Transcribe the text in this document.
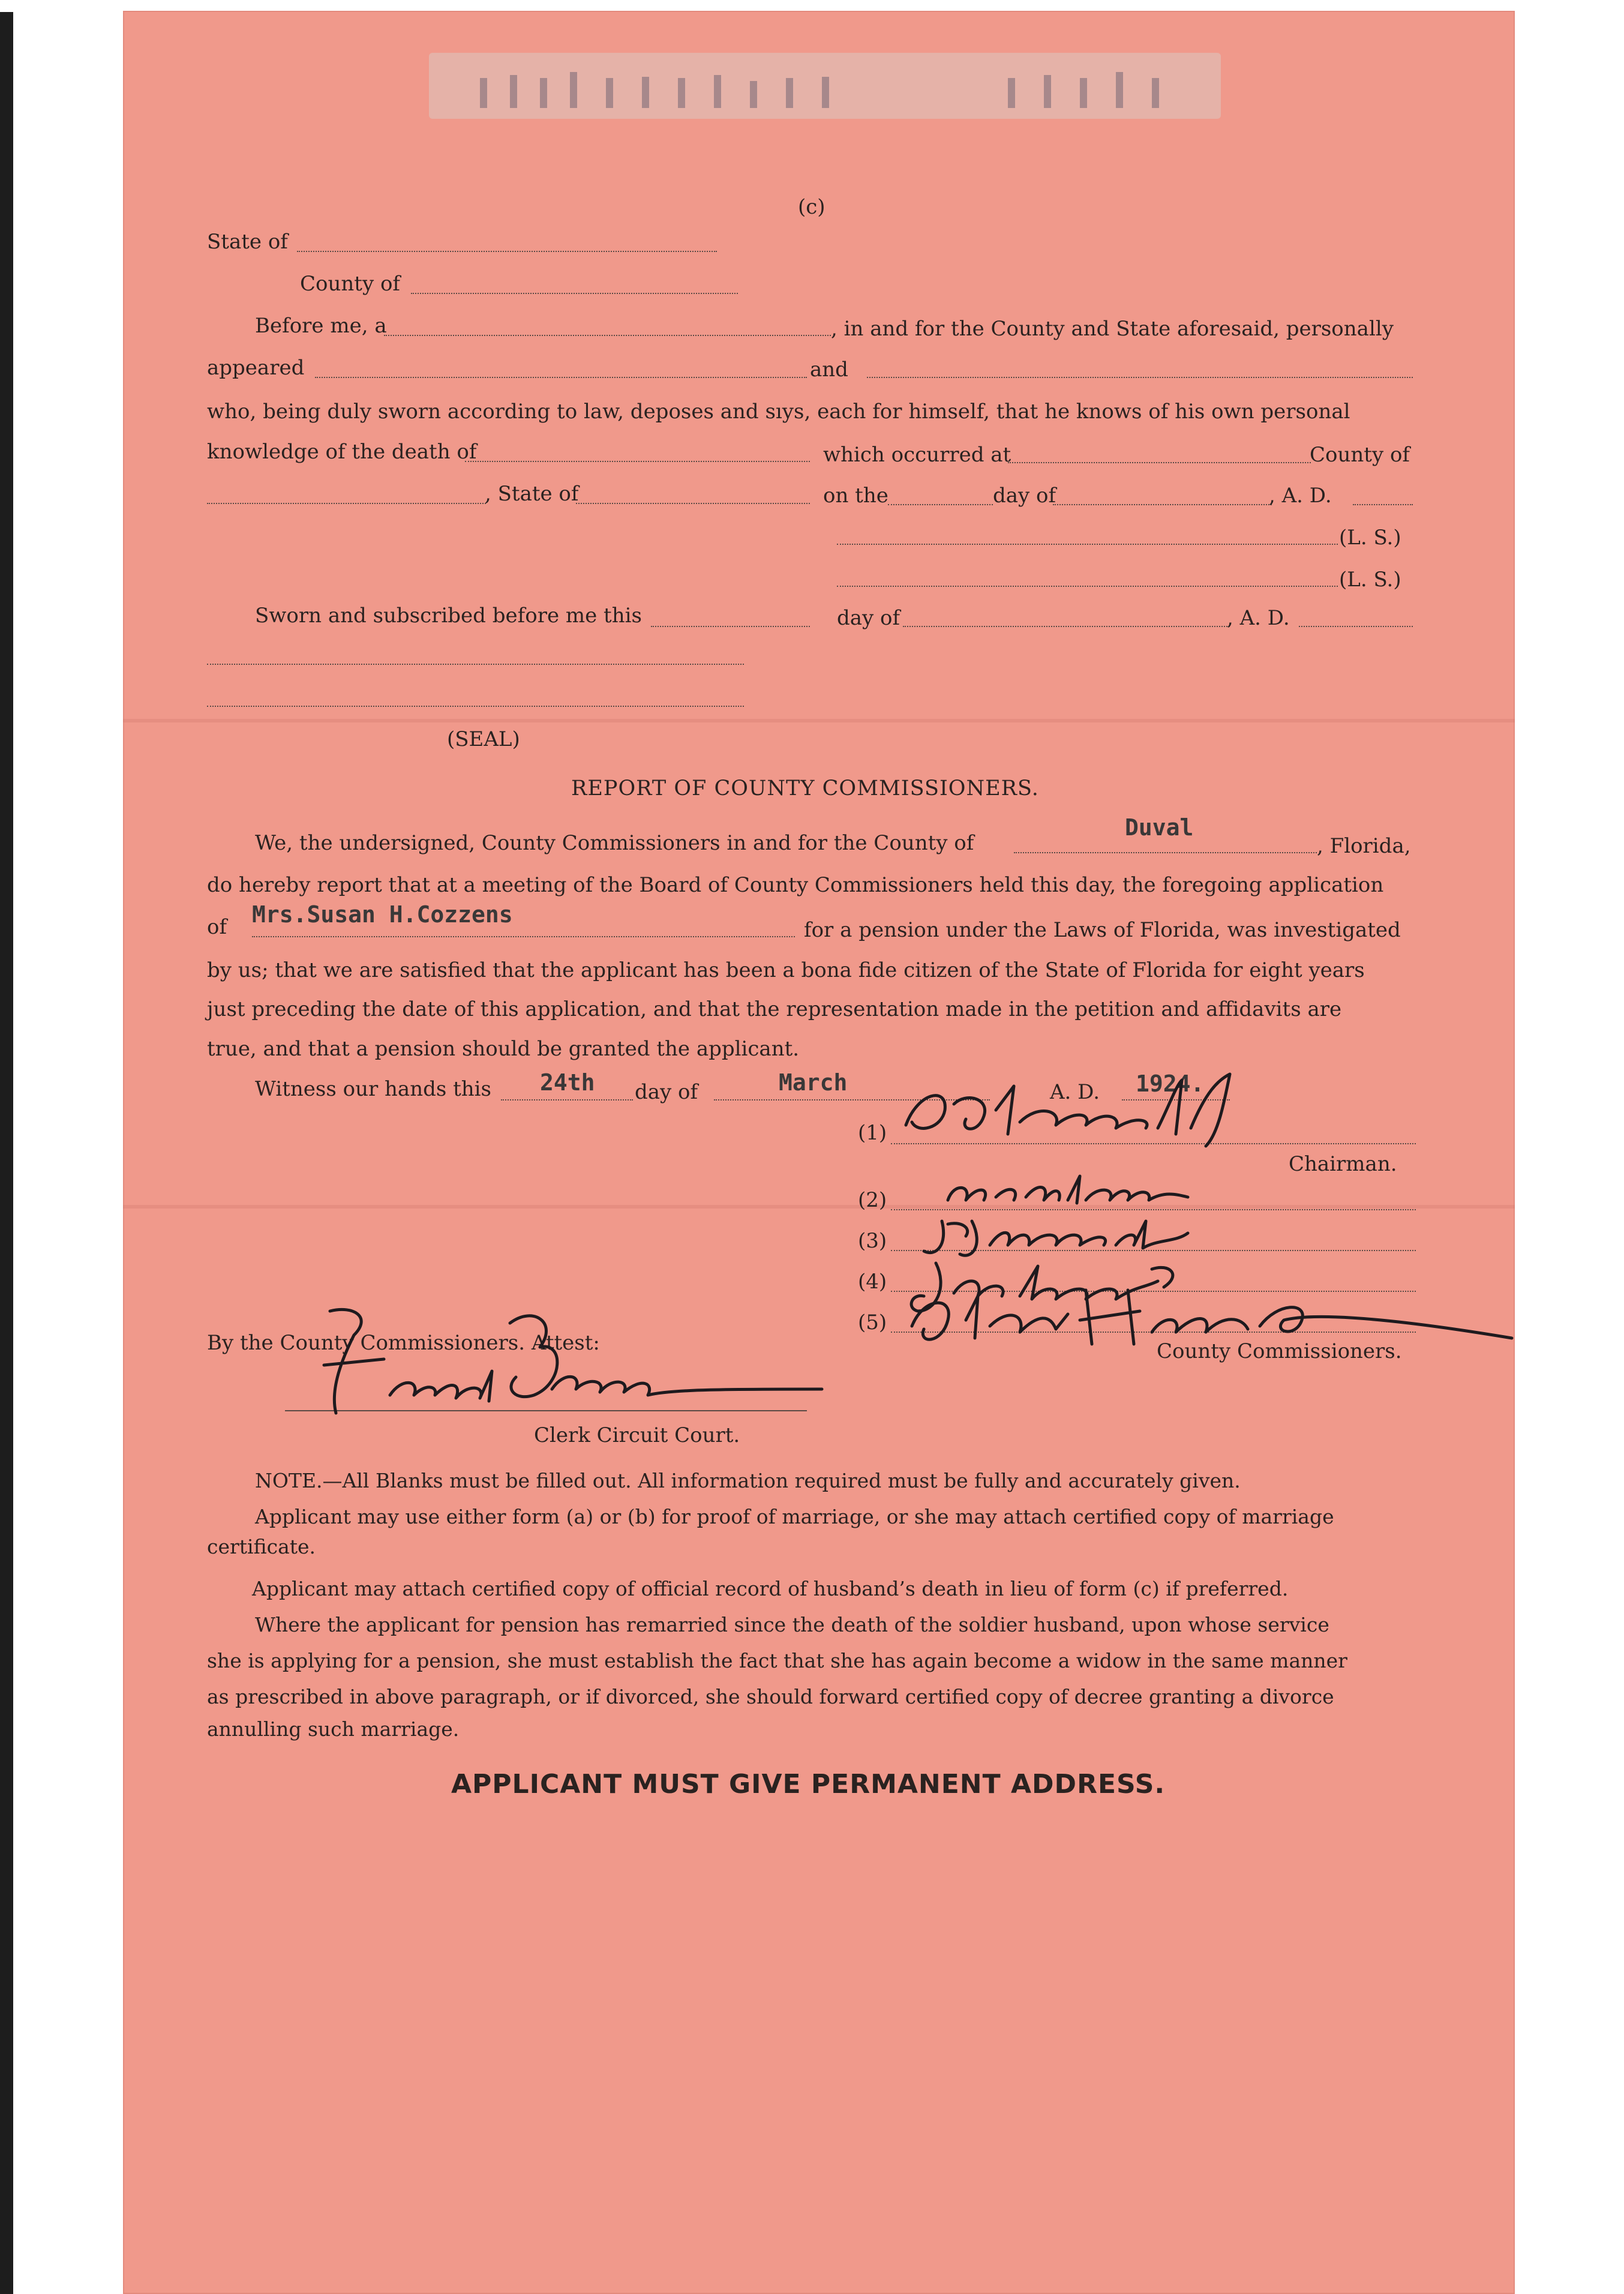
(c)
State of
County of
Before me, a	, in and for the County and State aforesaid, personally
appeared	and
who, being duly sworn according to law, deposes and sıys, each for himself, that he knows of his own personal
knowledge of the death of	which occurred at	County of
, State of	on the	day of	, A. D.
(L. S.)
(L. S.)
Sworn and subscribed before me this	day of	, A. D.
(SEAL)
REPORT OF COUNTY COMMISSIONERS.
We, the undersigned, County Commissioners in and for the County of
Duval
, Florida,
do hereby report that at a meeting of the Board of County Commissioners held this day, the foregoing application
of Mrs.Susan H.Cozzens
for a pension under the Laws of Florida, was investigated
by us; that we are satisfied that the applicant has been a bona fide citizen of the State of Florida for eight years
just preceding the date of this application, and that the representation made in the petition and affidavits are
true, and that a pension should be granted the applicant.
Witness our hands this 24th day of	March	A. D. 1924.
(1)
Chairman.
(2)
(3)
(4)
(5)
County Commissioners.
By the County Commissioners. Attest:
Clerk Circuit Court.
NOTE.—All Blanks must be filled out. All information required must be fully and accurately given.
Applicant may use either form (a) or (b) for proof of marriage, or she may attach certified copy of marriage
certificate.
Applicant may attach certified copy of official record of husband’s death in lieu of form (c) if preferred.
Where the applicant for pension has remarried since the death of the soldier husband, upon whose service
she is applying for a pension, she must establish the fact that she has again become a widow in the same manner
as prescribed in above paragraph, or if divorced, she should forward certified copy of decree granting a divorce
annulling such marriage.
APPLICANT MUST GIVE PERMANENT ADDRESS.
